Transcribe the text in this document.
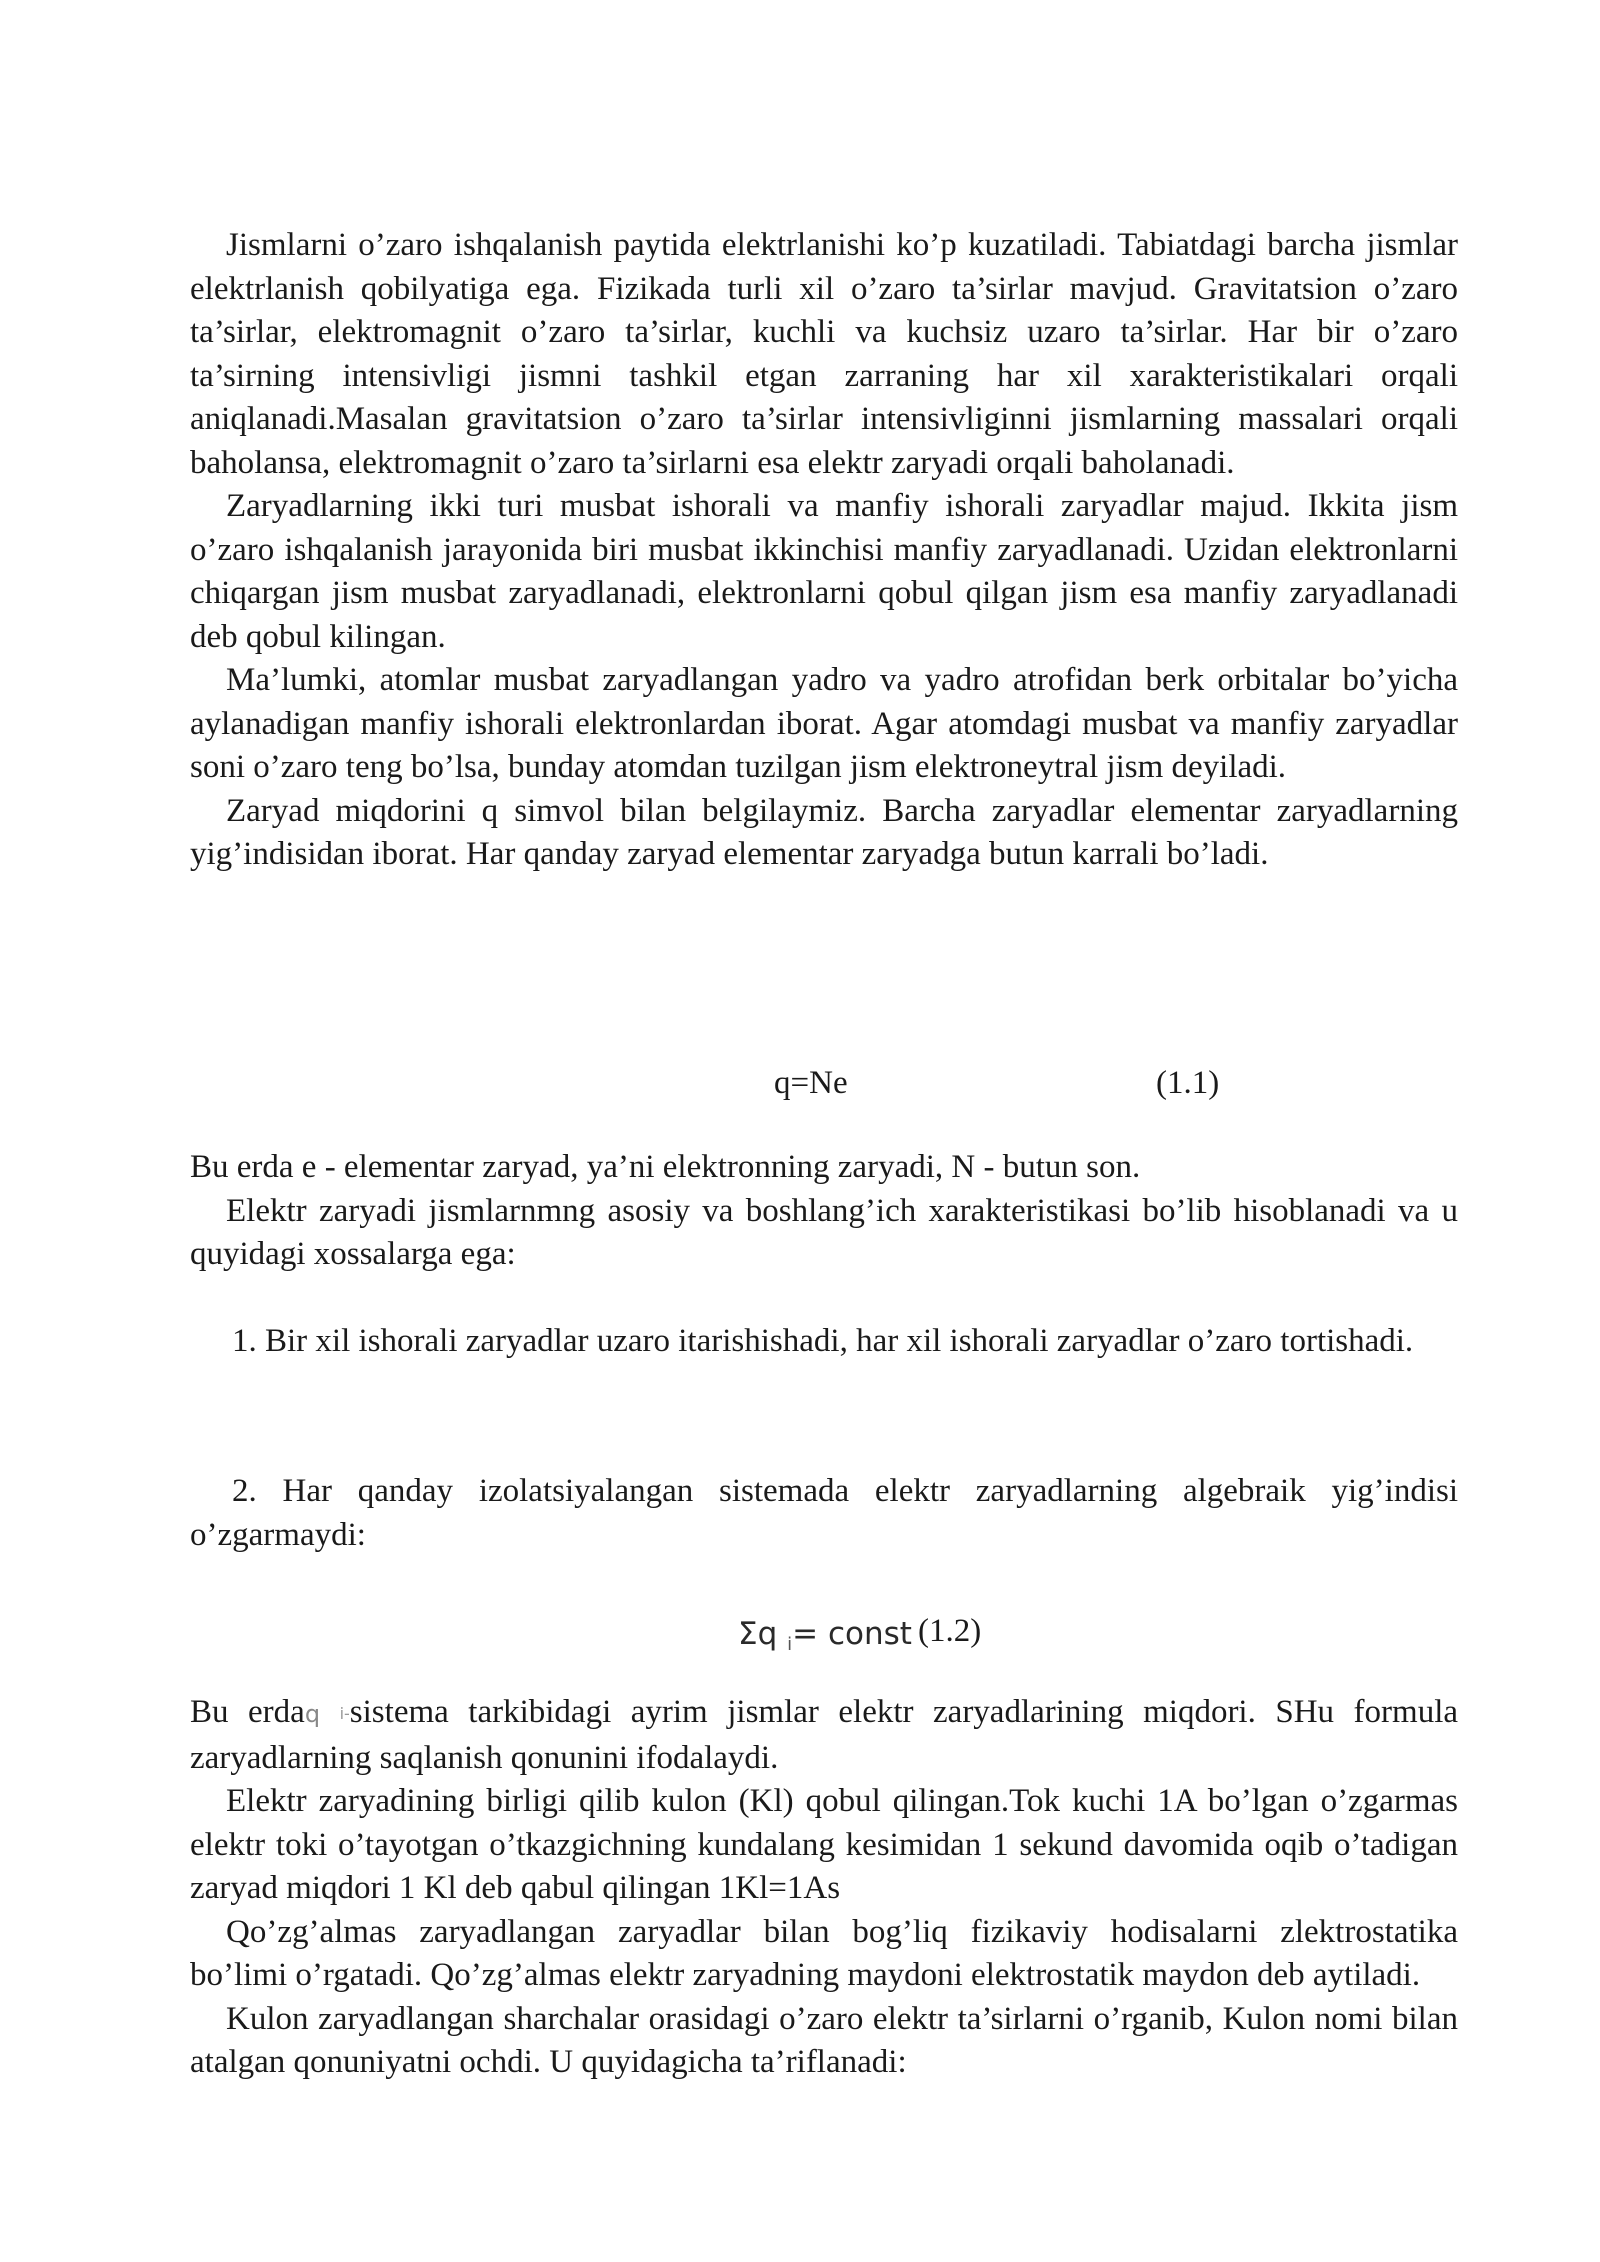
Jismlarni o’zaro ishqalanish paytida elektrlanishi ko’p kuzatiladi. Tabiatdagi barcha jismlar elektrlanish qobilyatiga ega. Fizikada turli xil o’zaro ta’sirlar mavjud. Gravitatsion o’zaro ta’sirlar, elektromagnit o’zaro ta’sirlar, kuchli va kuchsiz uzaro ta’sirlar. Har bir o’zaro ta’sirning intensivligi jismni tashkil etgan zarraning har xil xarakteristikalari orqali aniqlanadi.Masalan gravitatsion o’zaro ta’sirlar intensivliginni jismlarning massalari orqali baholansa, elektromagnit o’zaro ta’sirlarni esa elektr zaryadi orqali baholanadi.

Zaryadlarning ikki turi musbat ishorali va manfiy ishorali zaryadlar majud. Ikkita jism o’zaro ishqalanish jarayonida biri musbat ikkinchisi manfiy zaryadlanadi. Uzidan elektronlarni chiqargan jism musbat zaryadlanadi, elektronlarni qobul qilgan jism esa manfiy zaryadlanadi deb qobul kilingan.

Ma’lumki, atomlar musbat zaryadlangan yadro va yadro atrofidan berk orbitalar bo’yicha aylanadigan manfiy ishorali elektronlardan iborat. Agar atomdagi musbat va manfiy zaryadlar soni o’zaro teng bo’lsa, bunday atomdan tuzilgan jism elektroneytral jism deyiladi.

Zaryad miqdorini q simvol bilan belgilaymiz. Barcha zaryadlar elementar zaryadlarning yig’indisidan iborat. Har qanday zaryad elementar zaryadga butun karrali bo’ladi.

q=Ne	(1.1)

Bu erda e - elementar zaryad, ya’ni elektronning zaryadi, N - butun son.

Elektr zaryadi jismlarnmng asosiy va boshlang’ich xarakteristikasi bo’lib hisoblanadi va u quyidagi xossalarga ega:

1. Bir xil ishorali zaryadlar uzaro itarishishadi, har xil ishorali zaryadlar o’zaro tortishadi.

2. Har qanday izolatsiyalangan sistemada elektr zaryadlarning algebraik yig’indisi o’zgarmaydi:

Σq $_i$= const (1.2)

Bu erdaq i-sistema tarkibidagi ayrim jismlar elektr zaryadlarining miqdori. SHu formula zaryadlarning saqlanish qonunini ifodalaydi.

Elektr zaryadining birligi qilib kulon (Kl) qobul qilingan.Tok kuchi 1A bo’lgan o’zgarmas elektr toki o’tayotgan o’tkazgichning kundalang kesimidan 1 sekund davomida oqib o’tadigan zaryad miqdori 1 Kl deb qabul qilingan 1Kl=1As

Qo’zg’almas zaryadlangan zaryadlar bilan bog’liq fizikaviy hodisalarni zlektrostatika bo’limi o’rgatadi. Qo’zg’almas elektr zaryadning maydoni elektrostatik maydon deb aytiladi.

Kulon zaryadlangan sharchalar orasidagi o’zaro elektr ta’sirlarni o’rganib, Kulon nomi bilan atalgan qonuniyatni ochdi. U quyidagicha ta’riflanadi:
